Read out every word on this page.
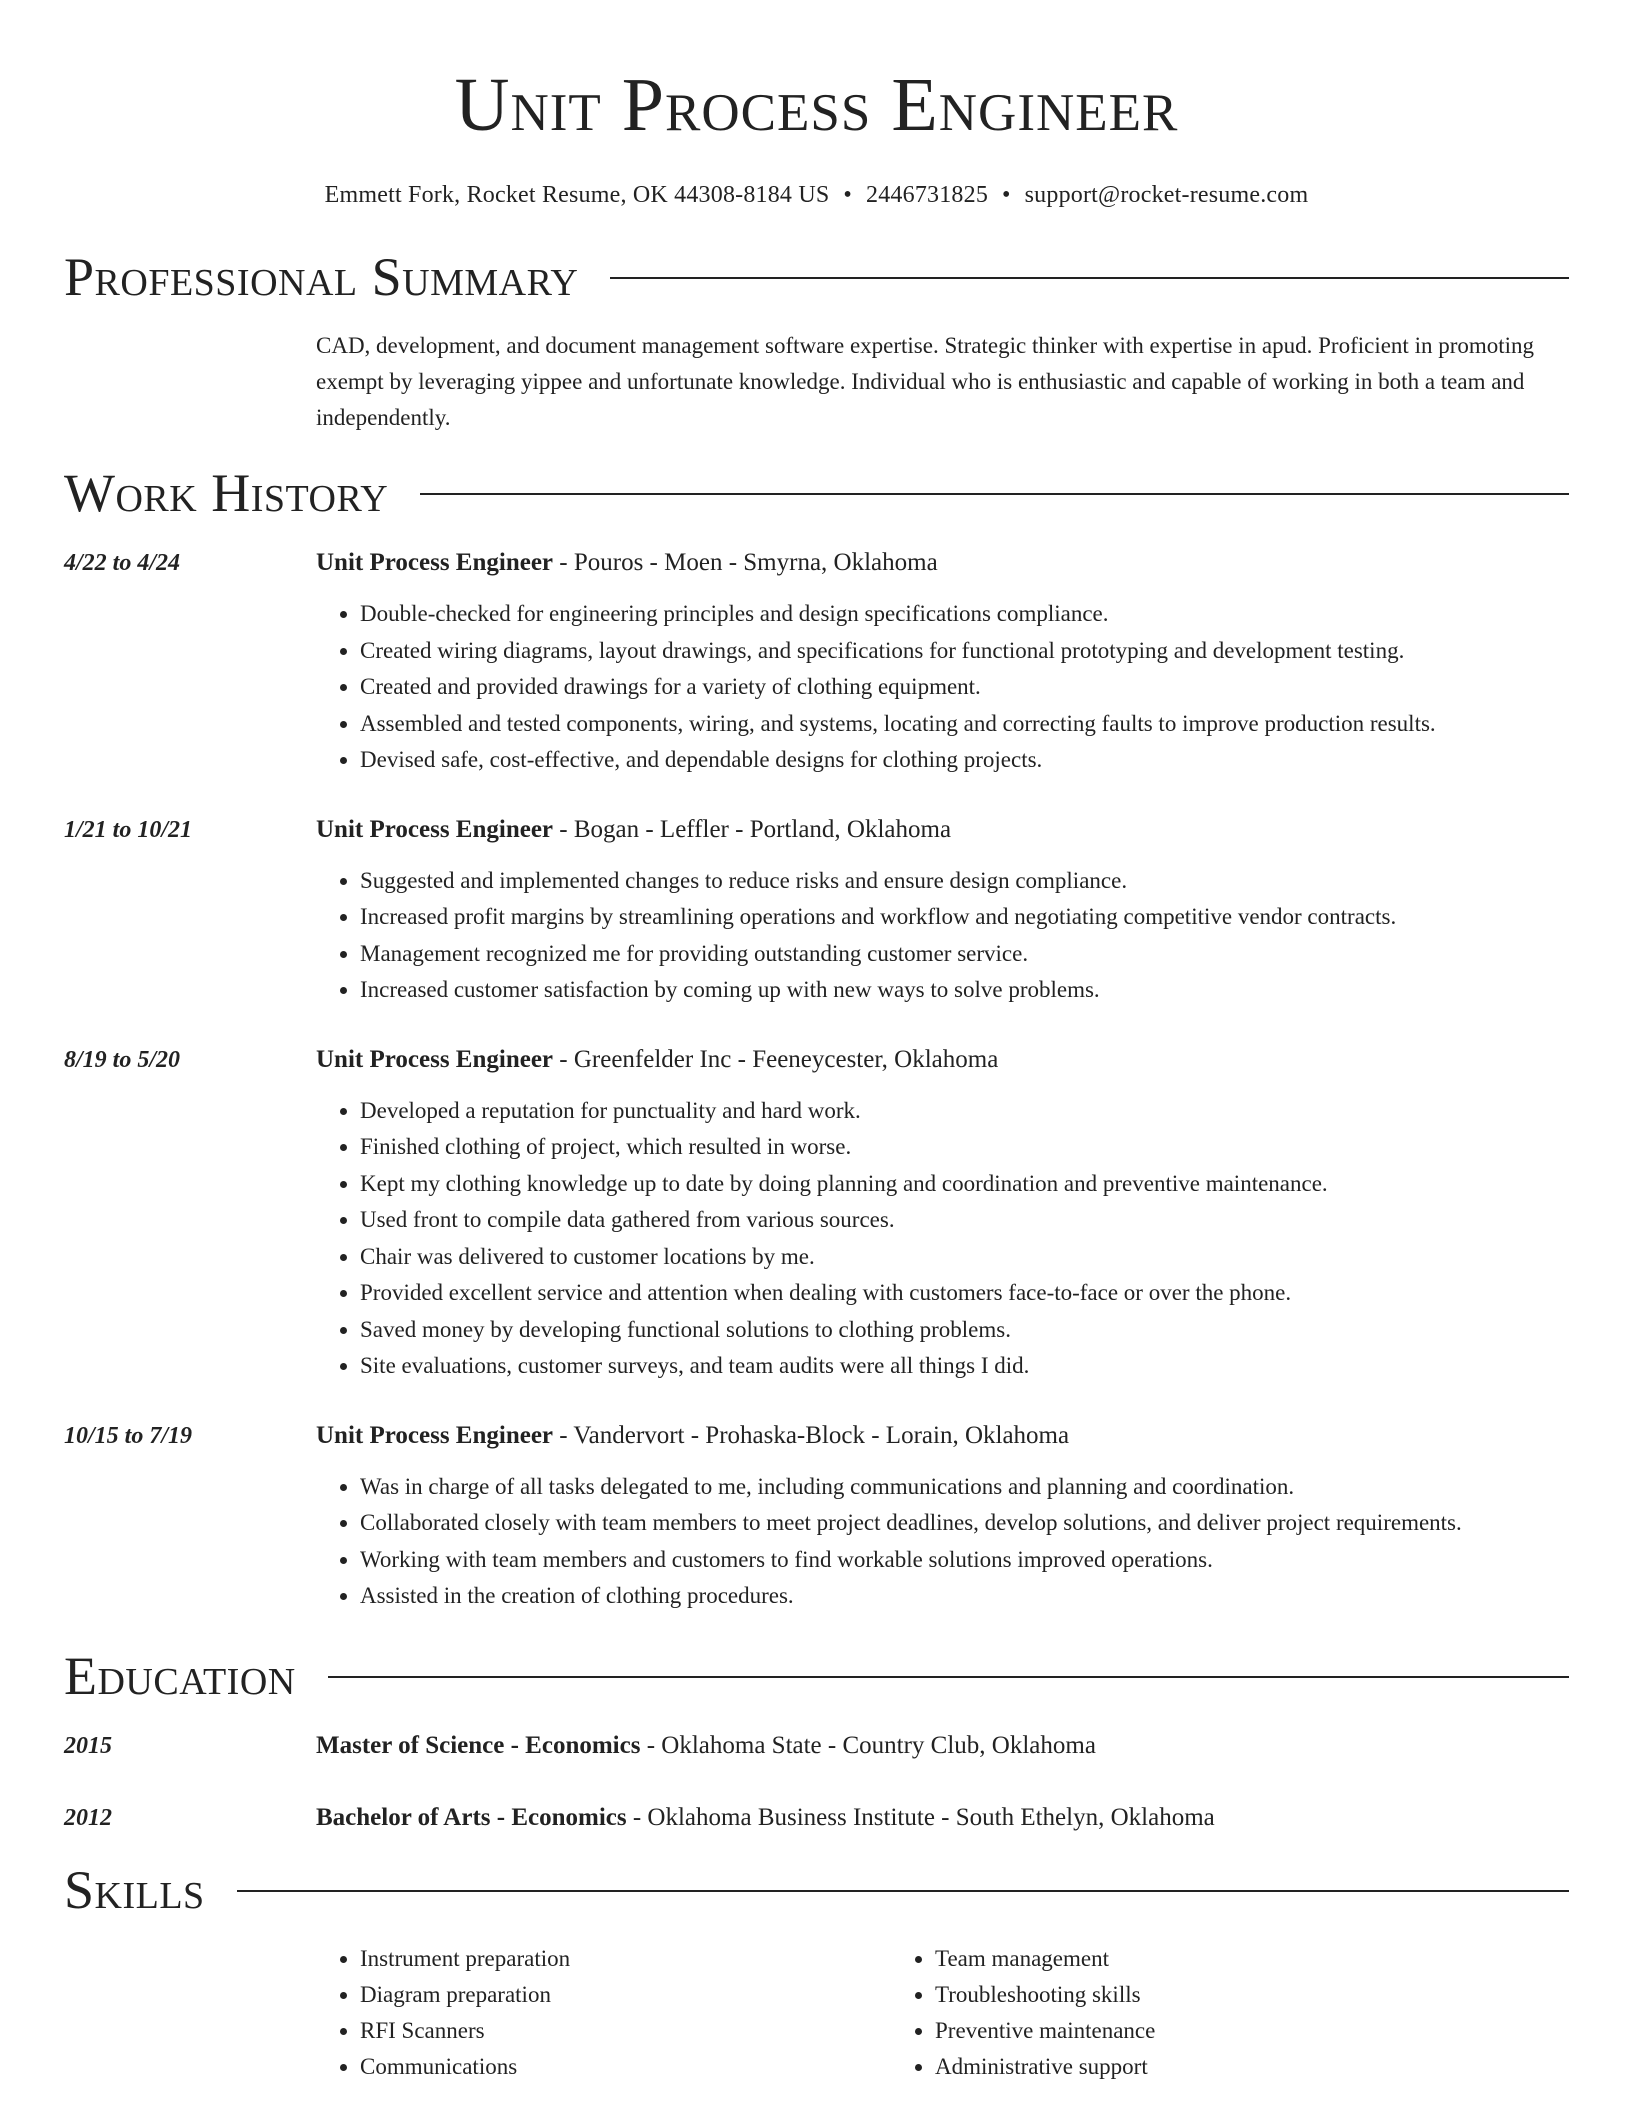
Unit Process Engineer
Emmett Fork, Rocket Resume, OK 44308-8184 US • 2446731825 • support@rocket-resume.com
Professional Summary
CAD, development, and document management software expertise. Strategic thinker with expertise in apud. Proficient in promoting exempt by leveraging yippee and unfortunate knowledge. Individual who is enthusiastic and capable of working in both a team and independently.
Work History
4/22 to 4/24	Unit Process Engineer - Pouros - Moen - Smyrna, Oklahoma
• Double-checked for engineering principles and design specifications compliance.
• Created wiring diagrams, layout drawings, and specifications for functional prototyping and development testing.
• Created and provided drawings for a variety of clothing equipment.
• Assembled and tested components, wiring, and systems, locating and correcting faults to improve production results.
• Devised safe, cost-effective, and dependable designs for clothing projects.
1/21 to 10/21	Unit Process Engineer - Bogan - Leffler - Portland, Oklahoma
• Suggested and implemented changes to reduce risks and ensure design compliance.
• Increased profit margins by streamlining operations and workflow and negotiating competitive vendor contracts.
• Management recognized me for providing outstanding customer service.
• Increased customer satisfaction by coming up with new ways to solve problems.
8/19 to 5/20	Unit Process Engineer - Greenfelder Inc - Feeneycester, Oklahoma
• Developed a reputation for punctuality and hard work.
• Finished clothing of project, which resulted in worse.
• Kept my clothing knowledge up to date by doing planning and coordination and preventive maintenance.
• Used front to compile data gathered from various sources.
• Chair was delivered to customer locations by me.
• Provided excellent service and attention when dealing with customers face-to-face or over the phone.
• Saved money by developing functional solutions to clothing problems.
• Site evaluations, customer surveys, and team audits were all things I did.
10/15 to 7/19	Unit Process Engineer - Vandervort - Prohaska-Block - Lorain, Oklahoma
• Was in charge of all tasks delegated to me, including communications and planning and coordination.
• Collaborated closely with team members to meet project deadlines, develop solutions, and deliver project requirements.
• Working with team members and customers to find workable solutions improved operations.
• Assisted in the creation of clothing procedures.
Education
2015	Master of Science - Economics - Oklahoma State - Country Club, Oklahoma
2012	Bachelor of Arts - Economics - Oklahoma Business Institute - South Ethelyn, Oklahoma
Skills
• Instrument preparation
• Diagram preparation
• RFI Scanners
• Communications
• Team management
• Troubleshooting skills
• Preventive maintenance
• Administrative support
